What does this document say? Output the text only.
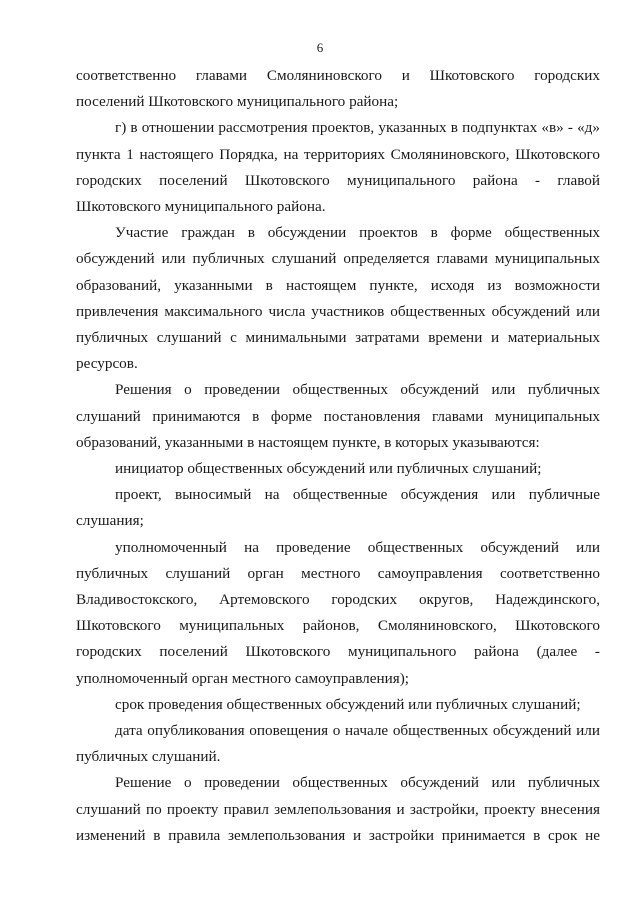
6
соответственно главами Смоляниновского и Шкотовского городских
поселений Шкотовского муниципального района;
г) в отношении рассмотрения проектов, указанных в подпунктах «в» - «д»
пункта 1 настоящего Порядка, на территориях Смоляниновского, Шкотовского
городских поселений Шкотовского муниципального района - главой
Шкотовского муниципального района.
Участие граждан в обсуждении проектов в форме общественных
обсуждений или публичных слушаний определяется главами муниципальных
образований, указанными в настоящем пункте, исходя из возможности
привлечения максимального числа участников общественных обсуждений или
публичных слушаний с минимальными затратами времени и материальных
ресурсов.
Решения о проведении общественных обсуждений или публичных
слушаний принимаются в форме постановления главами муниципальных
образований, указанными в настоящем пункте, в которых указываются:
инициатор общественных обсуждений или публичных слушаний;
проект, выносимый на общественные обсуждения или публичные
слушания;
уполномоченный на проведение общественных обсуждений или
публичных слушаний орган местного самоуправления соответственно
Владивостокского, Артемовского городских округов, Надеждинского,
Шкотовского муниципальных районов, Смоляниновского, Шкотовского
городских поселений Шкотовского муниципального района (далее -
уполномоченный орган местного самоуправления);
срок проведения общественных обсуждений или публичных слушаний;
дата опубликования оповещения о начале общественных обсуждений или
публичных слушаний.
Решение о проведении общественных обсуждений или публичных
слушаний по проекту правил землепользования и застройки, проекту внесения
изменений в правила землепользования и застройки принимается в срок не
